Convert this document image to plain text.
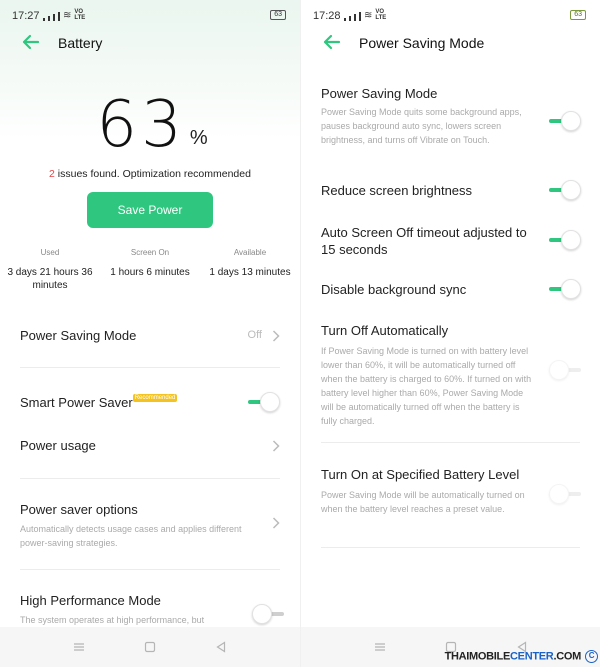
17:27 ≋ VO
LTE	63
Battery
63 %
2 issues found. Optimization recommended
Save Power
Used
3 days 21 hours 36 minutes
Screen On
1 hours 6 minutes
Available
1 days 13 minutes
Power Saving Mode	Off
Smart Power Saver Recommended
Power usage
Power saver options
Automatically detects usage cases and applies different power-saving strategies.
High Performance Mode
The system operates at high performance, but
17:28 ≋ VO
LTE	63
Power Saving Mode
Power Saving Mode
Power Saving Mode quits some background apps, pauses background auto sync, lowers screen brightness, and turns off Vibrate on Touch.
Reduce screen brightness
Auto Screen Off timeout adjusted to 15 seconds
Disable background sync
Turn Off Automatically
If Power Saving Mode is turned on with battery level lower than 60%, it will be automatically turned off when the battery is charged to 60%. If turned on with battery level higher than 60%, Power Saving Mode will be automatically turned off when the battery is fully charged.
Turn On at Specified Battery Level
Power Saving Mode will be automatically turned on when the battery level reaches a preset value.
THAIMOBILECENTER.COM C
